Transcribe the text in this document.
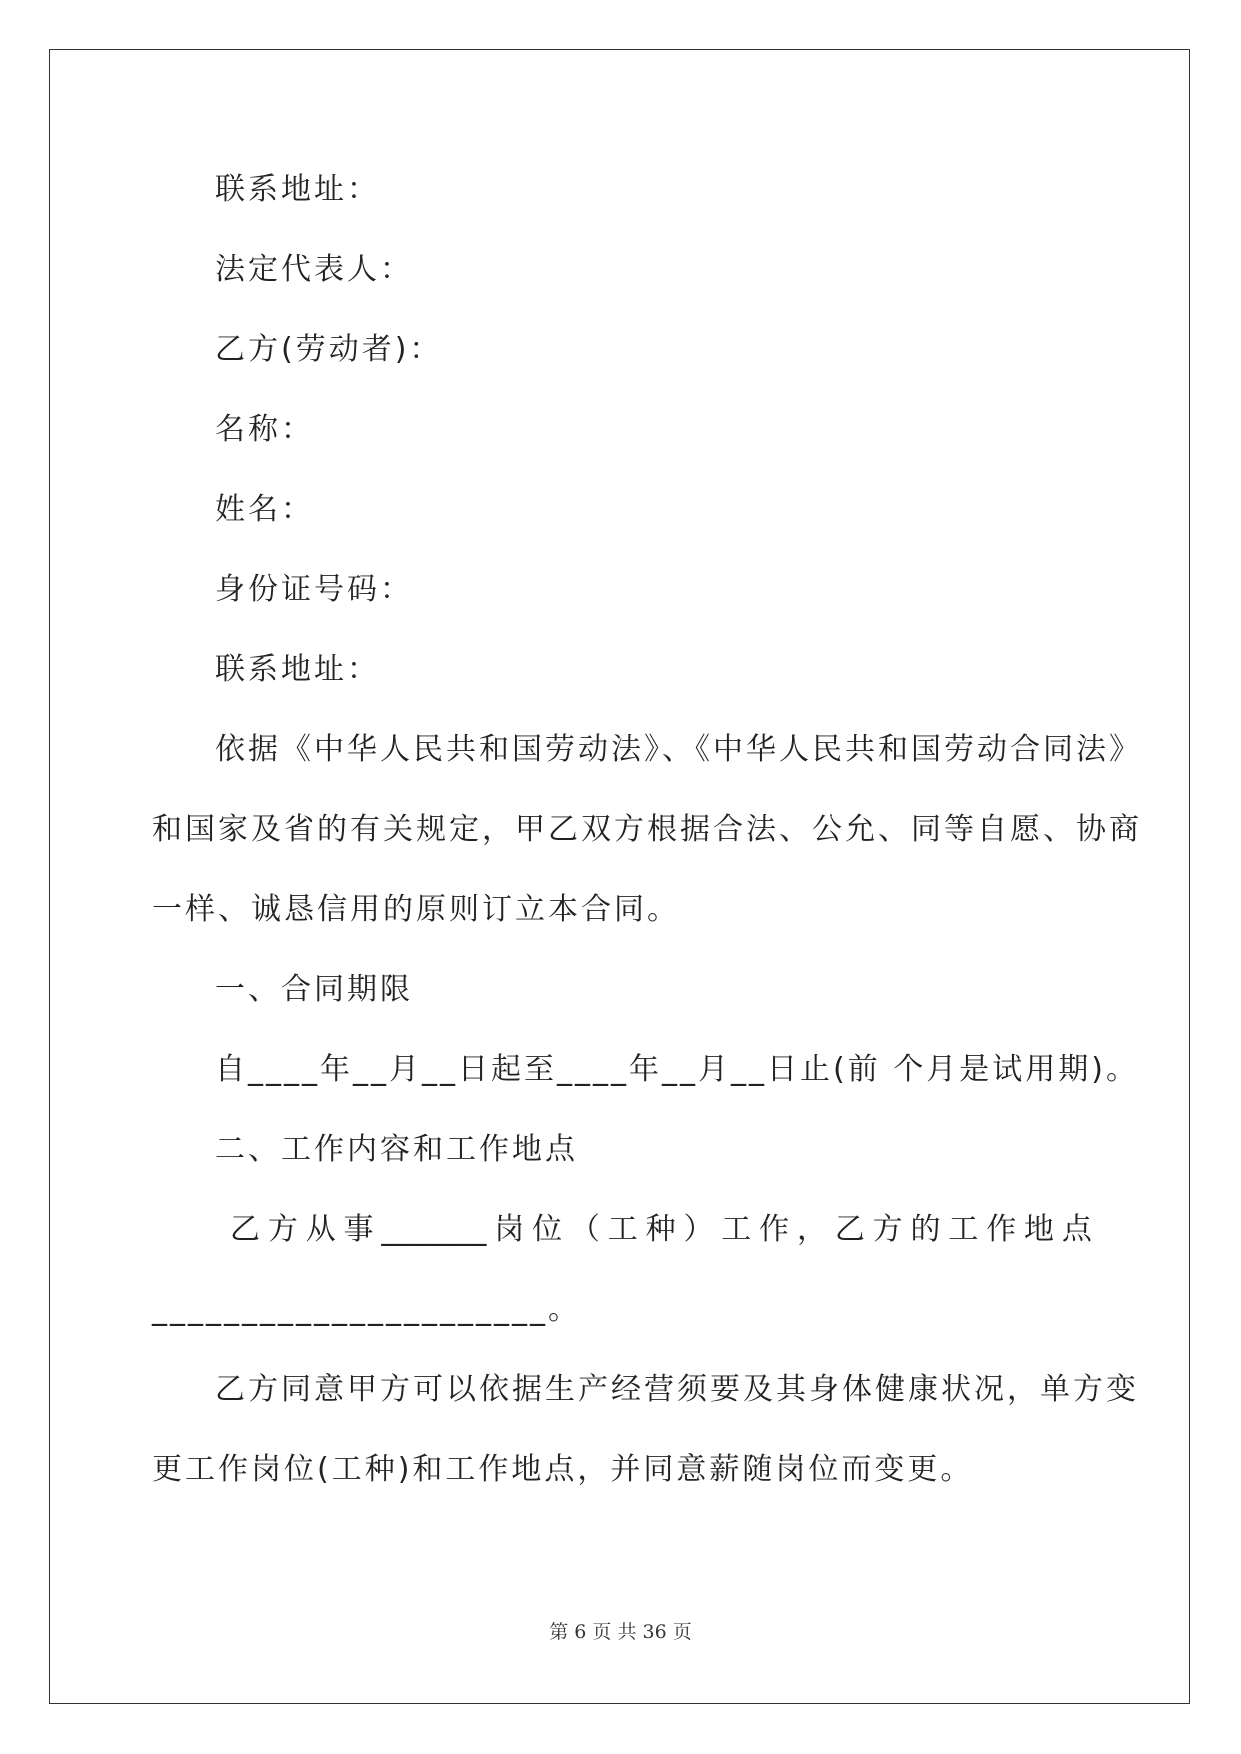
联系地址：
法定代表人：
乙方(劳动者)：
名称：
姓名：
身份证号码：
联系地址：
依据《中华人民共和国劳动法》、《中华人民共和国劳动合同法》
和国家及省的有关规定，甲乙双方根据合法、公允、同等自愿、协商
一样、诚恳信用的原则订立本合同。
一、合同期限
自____年__月__日起至____年__月__日止(前 个月是试用期)。
二、工作内容和工作地点
乙 方 从 事 _______ 岗 位 （ 工 种 ） 工 作 ， 乙 方 的 工 作 地 点
______________________。
乙方同意甲方可以依据生产经营须要及其身体健康状况，单方变
更工作岗位(工种)和工作地点，并同意薪随岗位而变更。
第 6 页 共 36 页
